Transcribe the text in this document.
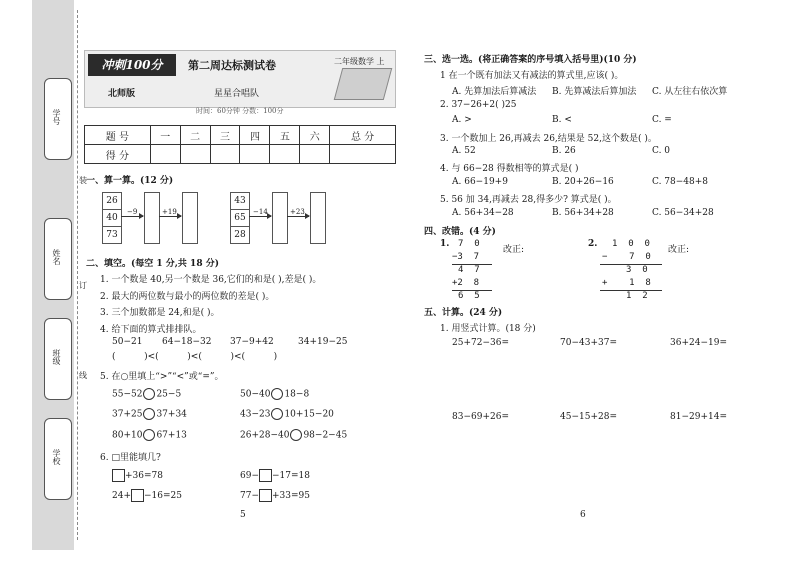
学号
姓名
班级
学校
装
订
线
冲刺100分	第二周达标测试卷	二年级数学 上
北师版	星星合唱队
时间：60分钟 分数：100分
题 号	一	二	三	四	五	六	总 分
得 分							
一、算一算。(12 分)
26
40
73
−9	+19
43
65
28
−14	+23
二、填空。(每空 1 分,共 18 分)
1. 一个数是 40,另一个数是 36,它们的和是( ),差是( )。
2. 最大的两位数与最小的两位数的差是( )。
3. 三个加数都是 24,和是( )。
4. 给下面的算式排排队。
50−21 64−18−32 37−9+42	34+19−25
(          )<(          )<(          )<(          )
5. 在○里填上“>”“<”或“=”。
55−52 25−5	50−40 18−8
37+25 37+34	43−23 10+15−20
80+10 67+13	26+28−40 98−2−45
6. □里能填几?
+36=78	69− −17=18
24+ −16=25	77− +33=95
5
三、选一选。(将正确答案的序号填入括号里)(10 分)
1 在一个既有加法又有减法的算式里,应该( )。
A. 先算加法后算减法 B. 先算减法后算加法 C. 从左往右依次算
2. 37−26+2( )25
A. >	B. <	C. =
3. 一个数加上 26,再减去 26,结果是 52,这个数是( )。
A. 52	B. 26	C. 0
4. 与 66−28 得数相等的算式是( )
A. 66−19+9	B. 20+26−16	C. 78−48+8
5. 56 加 34,再减去 28,得多少? 算式是( )。
A. 56+34−28	B. 56+34+28	C. 56−34+28
四、改错。(4 分)
1. 7  0
−3  7
4  7
+2  8
6  5
改正:
2. 1  0  0
−    7  0
3  0
+    1  8
1  2
改正:
五、计算。(24 分)
1. 用竖式计算。(18 分)
25+72−36=	70−43+37=	36+24−19=
83−69+26=	45−15+28=	81−29+14=
6
